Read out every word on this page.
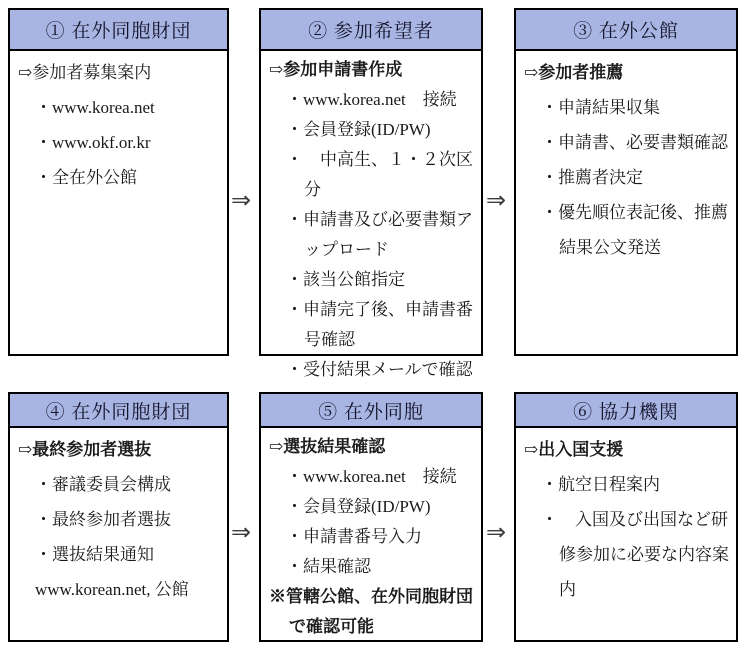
① 在外同胞財団
⇨参加者募集案内
・www.korea.net
・www.okf.or.kr
・全在外公館
② 参加希望者
⇨参加申請書作成
・www.korea.net　接続
・会員登録(ID/PW)
・　中高生、１・２次区分
・申請書及び必要書類アップロード
・該当公館指定
・申請完了後、申請書番号確認
・受付結果メールで確認
③ 在外公館
⇨参加者推薦
・申請結果収集
・申請書、必要書類確認
・推薦者決定
・優先順位表記後、推薦結果公文発送
④ 在外同胞財団
⇨最終参加者選抜
・審議委員会構成
・最終参加者選抜
・選抜結果通知
www.korean.net, 公館
⑤ 在外同胞
⇨選抜結果確認
・www.korea.net　接続
・会員登録(ID/PW)
・申請書番号入力
・結果確認
※管轄公館、在外同胞財団で確認可能
⑥ 協力機関
⇨出入国支援
・航空日程案内
・　入国及び出国など研修参加に必要な内容案内
⇒	⇒
⇒	⇒
